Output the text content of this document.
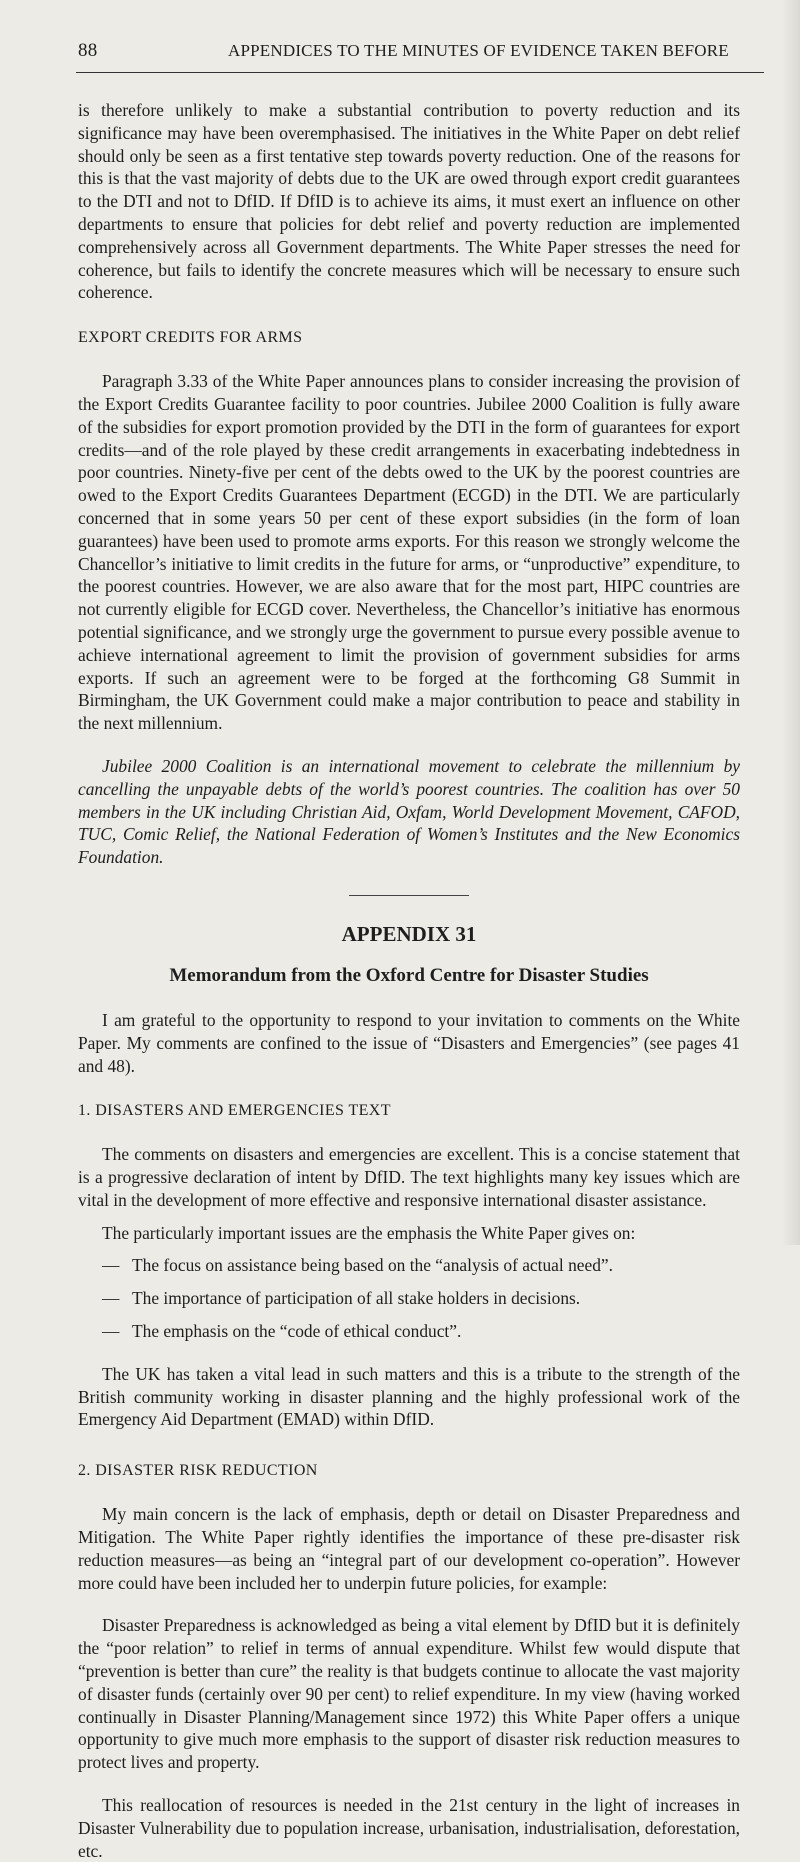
88	APPENDICES TO THE MINUTES OF EVIDENCE TAKEN BEFORE

is therefore unlikely to make a substantial contribution to poverty reduction and its significance may have been overemphasised. The initiatives in the White Paper on debt relief should only be seen as a first tentative step towards poverty reduction. One of the reasons for this is that the vast majority of debts due to the UK are owed through export credit guarantees to the DTI and not to DfID. If DfID is to achieve its aims, it must exert an influence on other departments to ensure that policies for debt relief and poverty reduction are implemented comprehensively across all Government departments. The White Paper stresses the need for coherence, but fails to identify the concrete measures which will be necessary to ensure such coherence.

EXPORT CREDITS FOR ARMS

Paragraph 3.33 of the White Paper announces plans to consider increasing the provision of the Export Credits Guarantee facility to poor countries. Jubilee 2000 Coalition is fully aware of the subsidies for export promotion provided by the DTI in the form of guarantees for export credits—and of the role played by these credit arrangements in exacerbating indebtedness in poor countries. Ninety-five per cent of the debts owed to the UK by the poorest countries are owed to the Export Credits Guarantees Department (ECGD) in the DTI. We are particularly concerned that in some years 50 per cent of these export subsidies (in the form of loan guarantees) have been used to promote arms exports. For this reason we strongly welcome the Chancellor’s initiative to limit credits in the future for arms, or “unproductive” expenditure, to the poorest countries. However, we are also aware that for the most part, HIPC countries are not currently eligible for ECGD cover. Nevertheless, the Chancellor’s initiative has enormous potential significance, and we strongly urge the government to pursue every possible avenue to achieve international agreement to limit the provision of government subsidies for arms exports. If such an agreement were to be forged at the forthcoming G8 Summit in Birmingham, the UK Government could make a major contribution to peace and stability in the next millennium.

Jubilee 2000 Coalition is an international movement to celebrate the millennium by cancelling the unpayable debts of the world’s poorest countries. The coalition has over 50 members in the UK including Christian Aid, Oxfam, World Development Movement, CAFOD, TUC, Comic Relief, the National Federation of Women’s Institutes and the New Economics Foundation.

APPENDIX 31
Memorandum from the Oxford Centre for Disaster Studies

I am grateful to the opportunity to respond to your invitation to comments on the White Paper. My comments are confined to the issue of “Disasters and Emergencies” (see pages 41 and 48).

1. DISASTERS AND EMERGENCIES TEXT

The comments on disasters and emergencies are excellent. This is a concise statement that is a progressive declaration of intent by DfID. The text highlights many key issues which are vital in the development of more effective and responsive international disaster assistance.

The particularly important issues are the emphasis the White Paper gives on:

— The focus on assistance being based on the “analysis of actual need”.
— The importance of participation of all stake holders in decisions.
— The emphasis on the “code of ethical conduct”.

The UK has taken a vital lead in such matters and this is a tribute to the strength of the British community working in disaster planning and the highly professional work of the Emergency Aid Department (EMAD) within DfID.

2. DISASTER RISK REDUCTION

My main concern is the lack of emphasis, depth or detail on Disaster Preparedness and Mitigation. The White Paper rightly identifies the importance of these pre-disaster risk reduction measures—as being an “integral part of our development co-operation”. However more could have been included her to underpin future policies, for example:

Disaster Preparedness is acknowledged as being a vital element by DfID but it is definitely the “poor relation” to relief in terms of annual expenditure. Whilst few would dispute that “prevention is better than cure” the reality is that budgets continue to allocate the vast majority of disaster funds (certainly over 90 per cent) to relief expenditure. In my view (having worked continually in Disaster Planning/Management since 1972) this White Paper offers a unique opportunity to give much more emphasis to the support of disaster risk reduction measures to protect lives and property.

This reallocation of resources is needed in the 21st century in the light of increases in Disaster Vulnerability due to population increase, urbanisation, industrialisation, deforestation, etc.
